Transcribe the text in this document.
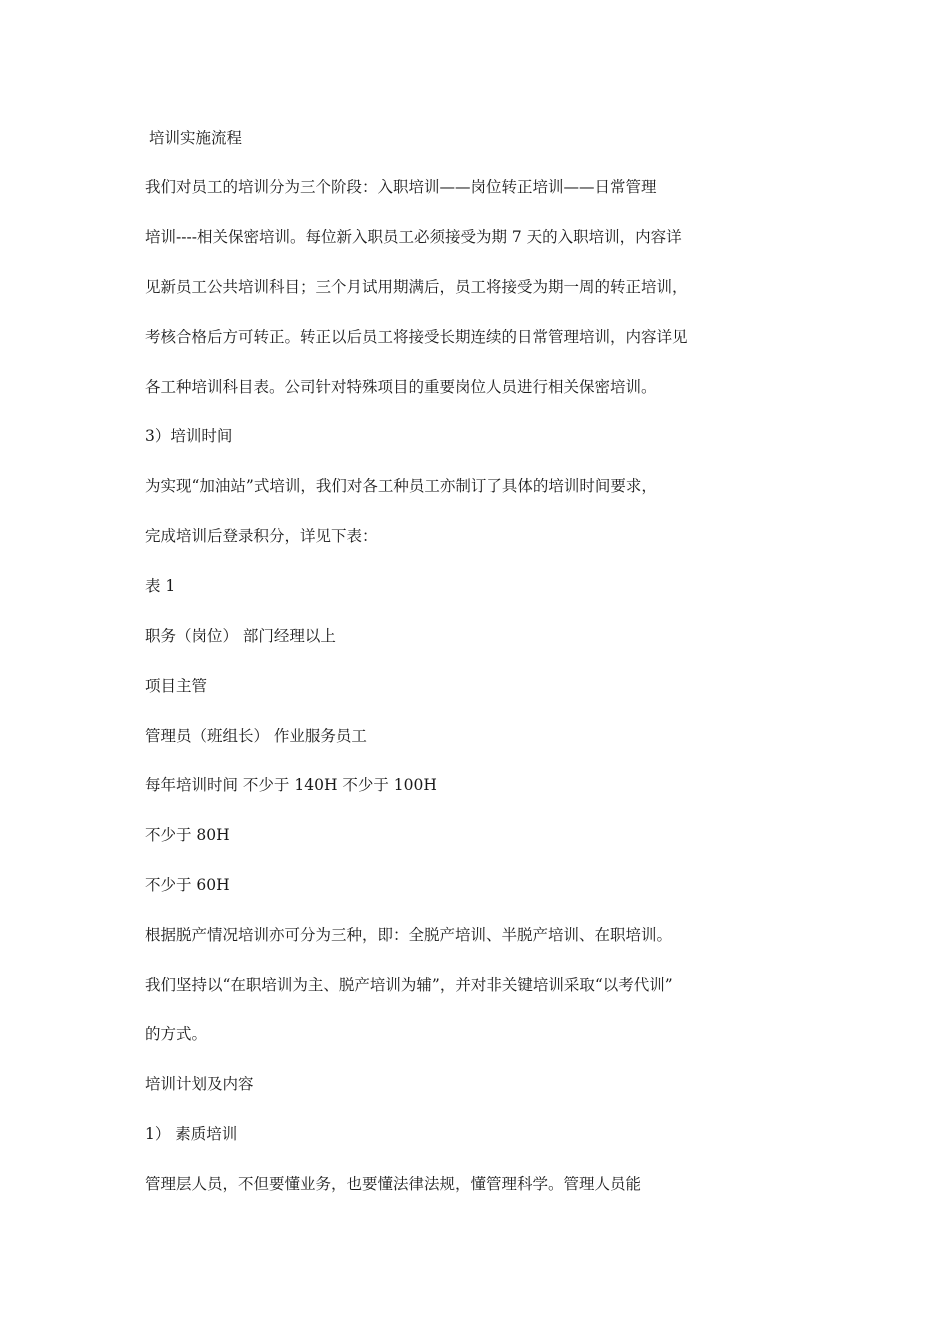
培训实施流程
我们对员工的培训分为三个阶段：入职培训——岗位转正培训——日常管理
培训----相关保密培训。每位新入职员工必须接受为期 7 天的入职培训，内容详
见新员工公共培训科目；三个月试用期满后，员工将接受为期一周的转正培训，
考核合格后方可转正。转正以后员工将接受长期连续的日常管理培训，内容详见
各工种培训科目表。公司针对特殊项目的重要岗位人员进行相关保密培训。
3）培训时间
为实现“加油站”式培训，我们对各工种员工亦制订了具体的培训时间要求，
完成培训后登录积分，详见下表：
表 1
职务（岗位） 部门经理以上
项目主管
管理员（班组长） 作业服务员工
每年培训时间 不少于 140H 不少于 100H
不少于 80H
不少于 60H
根据脱产情况培训亦可分为三种，即：全脱产培训、半脱产培训、在职培训。
我们坚持以“在职培训为主、脱产培训为辅”，并对非关键培训采取“以考代训”
的方式。
培训计划及内容
1） 素质培训
管理层人员，不但要懂业务，也要懂法律法规，懂管理科学。管理人员能
